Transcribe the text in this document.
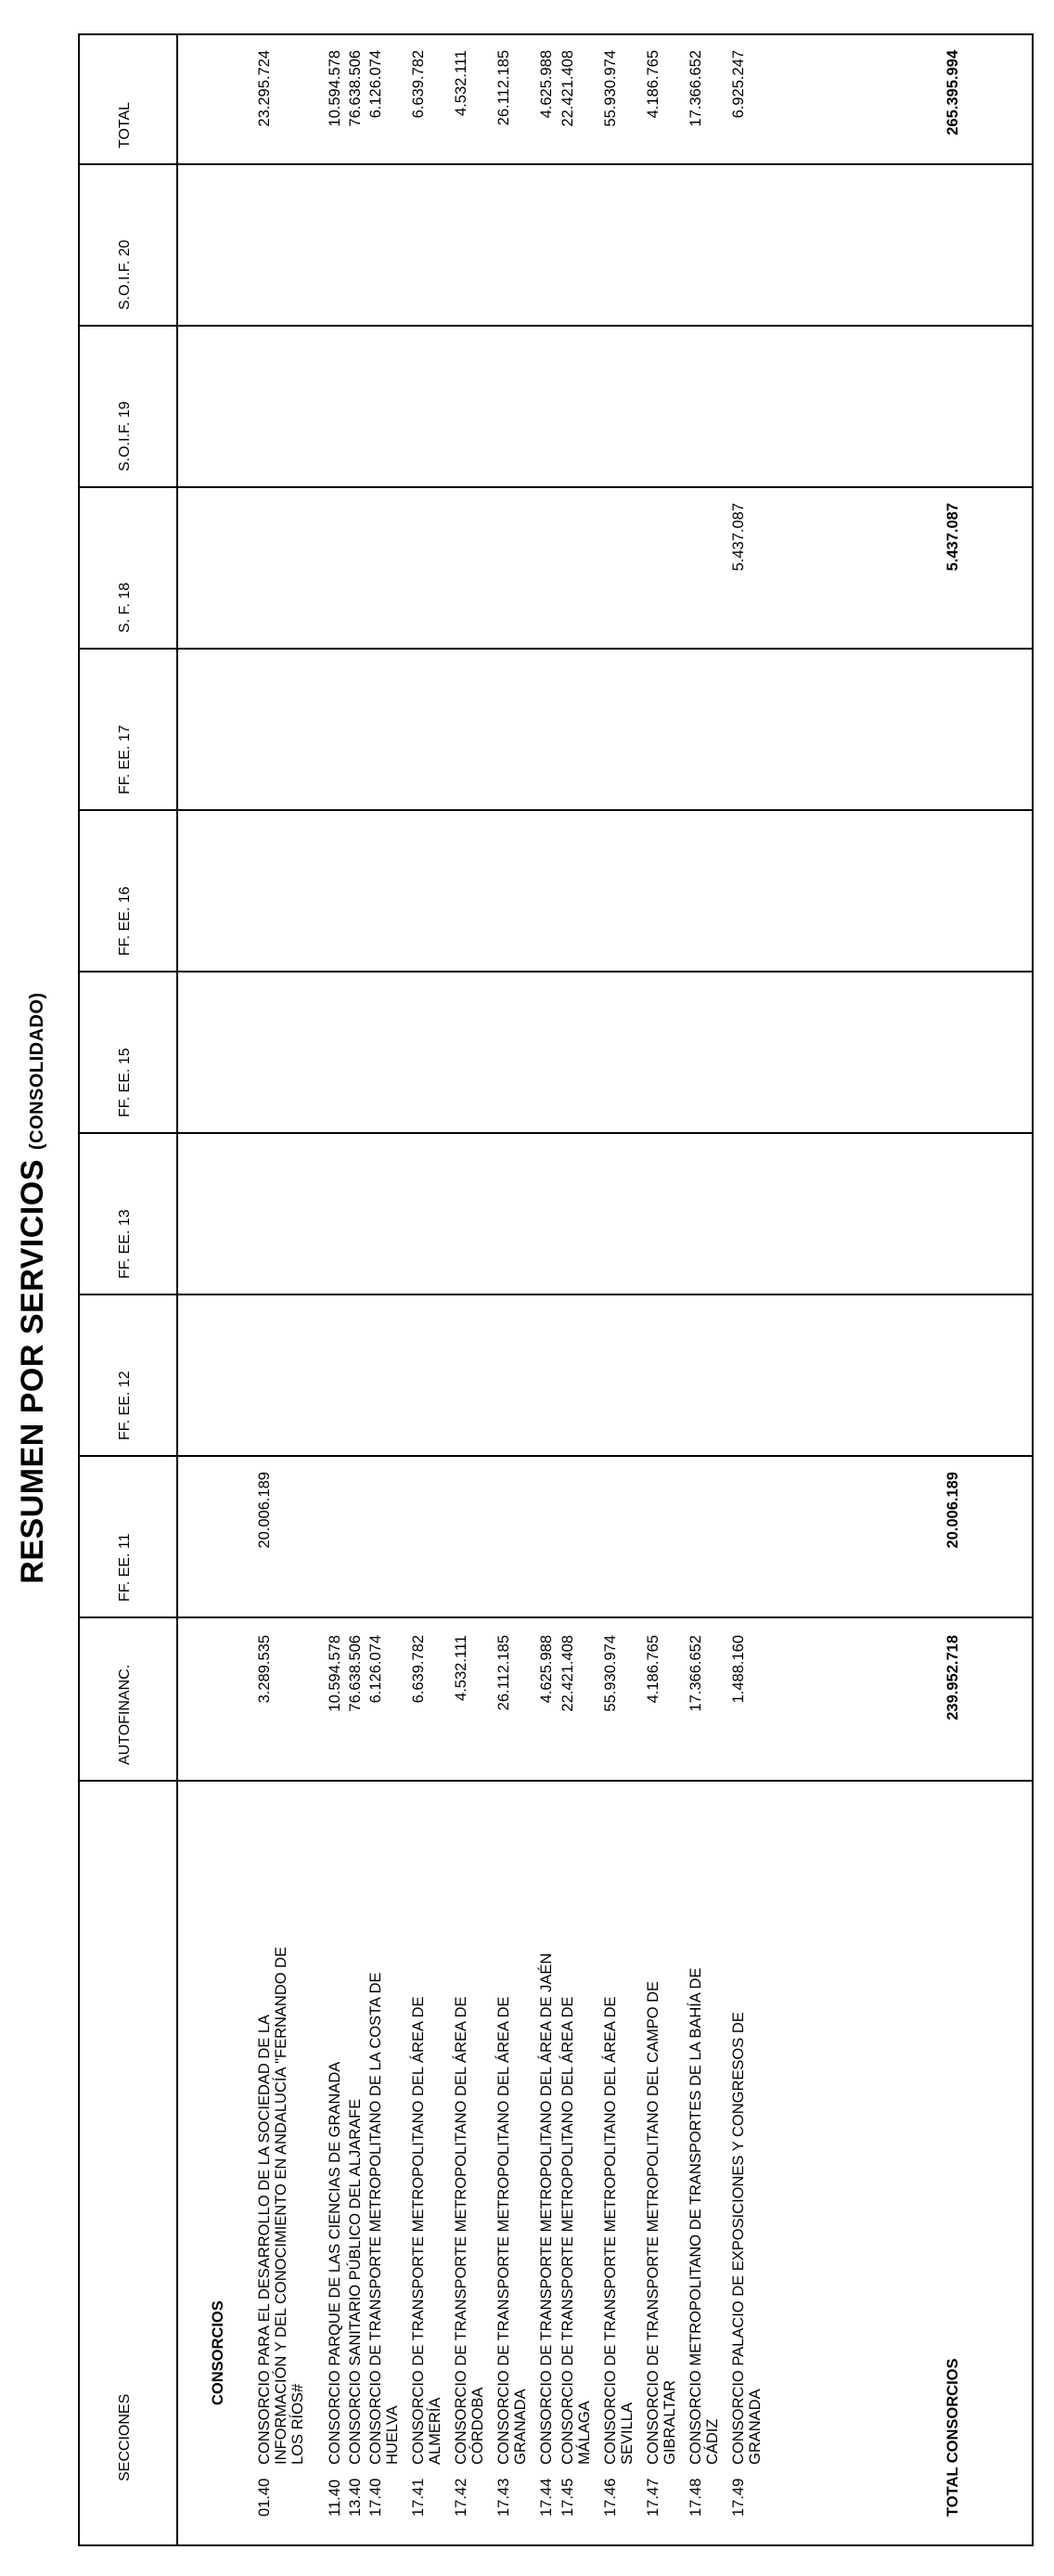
RESUMEN POR SERVICIOS (CONSOLIDADO)
SECCIONES
AUTOFINANC.
FF. EE. 11
FF. EE. 12
FF. EE. 13
FF. EE. 15
FF. EE. 16
FF. EE. 17
S. F. 18
S.O.I.F. 19
S.O.I.F. 20
TOTAL
CONSORCIOS
01.40
CONSORCIO PARA EL DESARROLLO DE LA SOCIEDAD DE LA INFORMACIÓN Y DEL CONOCIMIENTO EN ANDALUCÍA "FERNANDO DE LOS RÍOS#
3.289.535
20.006.189
23.295.724
11.40
CONSORCIO PARQUE DE LAS CIENCIAS DE GRANADA
10.594.578
10.594.578
13.40
CONSORCIO SANITARIO PÚBLICO DEL ALJARAFE
76.638.506
76.638.506
17.40
CONSORCIO DE TRANSPORTE METROPOLITANO DE LA COSTA DE HUELVA
6.126.074
6.126.074
17.41
CONSORCIO DE TRANSPORTE METROPOLITANO DEL ÁREA DE ALMERÍA
6.639.782
6.639.782
17.42
CONSORCIO DE TRANSPORTE METROPOLITANO DEL ÁREA DE CÓRDOBA
4.532.111
4.532.111
17.43
CONSORCIO DE TRANSPORTE METROPOLITANO DEL ÁREA DE GRANADA
26.112.185
26.112.185
17.44
CONSORCIO DE TRANSPORTE METROPOLITANO DEL ÁREA DE JAÉN
4.625.988
4.625.988
17.45
CONSORCIO DE TRANSPORTE METROPOLITANO DEL ÁREA DE MÁLAGA
22.421.408
22.421.408
17.46
CONSORCIO DE TRANSPORTE METROPOLITANO DEL ÁREA DE SEVILLA
55.930.974
55.930.974
17.47
CONSORCIO DE TRANSPORTE METROPOLITANO DEL CAMPO DE GIBRALTAR
4.186.765
4.186.765
17.48
CONSORCIO METROPOLITANO DE TRANSPORTES DE LA BAHÍA DE CÁDIZ
17.366.652
17.366.652
17.49
CONSORCIO PALACIO DE EXPOSICIONES Y CONGRESOS DE GRANADA
1.488.160
5.437.087
6.925.247
TOTAL CONSORCIOS
239.952.718
20.006.189
5.437.087
265.395.994
